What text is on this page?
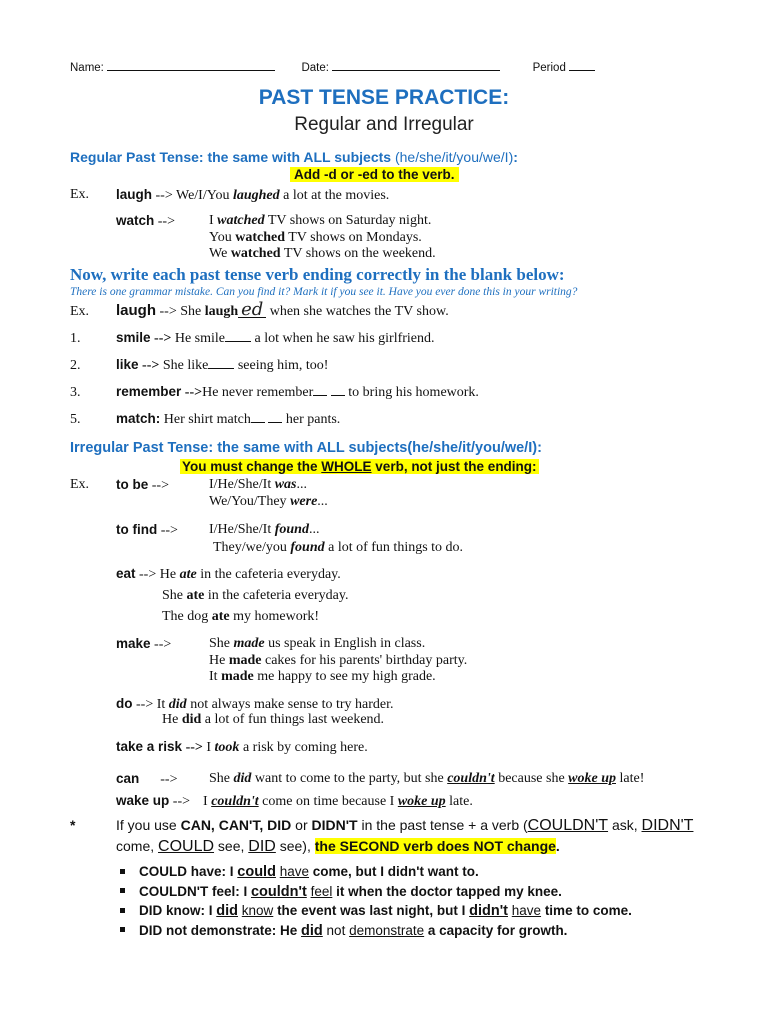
Name:	Date:	Period
PAST TENSE PRACTICE:
Regular and Irregular
Regular Past Tense: the same with ALL subjects (he/she/it/you/we/I):
Add -d or -ed to the verb.
Ex. laugh --> We/I/You laughed a lot at the movies.
watch --> I watched TV shows on Saturday night.
You watched TV shows on Mondays.
We watched TV shows on the weekend.
Now, write each past tense verb ending correctly in the blank below:
There is one grammar mistake. Can you find it? Mark it if you see it. Have you ever done this in your writing?
Ex. laugh --> She laugh ed when she watches the TV show.
1.	smile --> He smile a lot when he saw his girlfriend.
2.	like --> She like seeing him, too!
3.	remember -->He never remember	to bring his homework.
5.	match: Her shirt match	her pants.
Irregular Past Tense: the same with ALL subjects(he/she/it/you/we/I):
You must change the WHOLE verb, not just the ending:
Ex. to be -->	I/He/She/It was...
We/You/They were...
to find --> I/He/She/It found...
They/we/you found a lot of fun things to do.
eat --> He ate in the cafeteria everyday.
She ate in the cafeteria everyday.
The dog ate my homework!
make -->	She made us speak in English in class.
He made cakes for his parents' birthday party.
It made me happy to see my high grade.
do --> It did not always make sense to try harder.
He did a lot of fun things last weekend.
take a risk --> I took a risk by coming here.
can --> She did want to come to the party, but she couldn't because she woke up late!
wake up --> I couldn't come on time because I woke up late.
*	If you use CAN, CAN'T, DID or DIDN'T in the past tense + a verb (COULDN'T ask, DIDN'T come, COULD see, DID see), the SECOND verb does NOT change.
COULD have: I could have come, but I didn't want to.
COULDN'T feel: I couldn't feel it when the doctor tapped my knee.
DID know: I did know the event was last night, but I didn't have time to come.
DID not demonstrate: He did not demonstrate a capacity for growth.
